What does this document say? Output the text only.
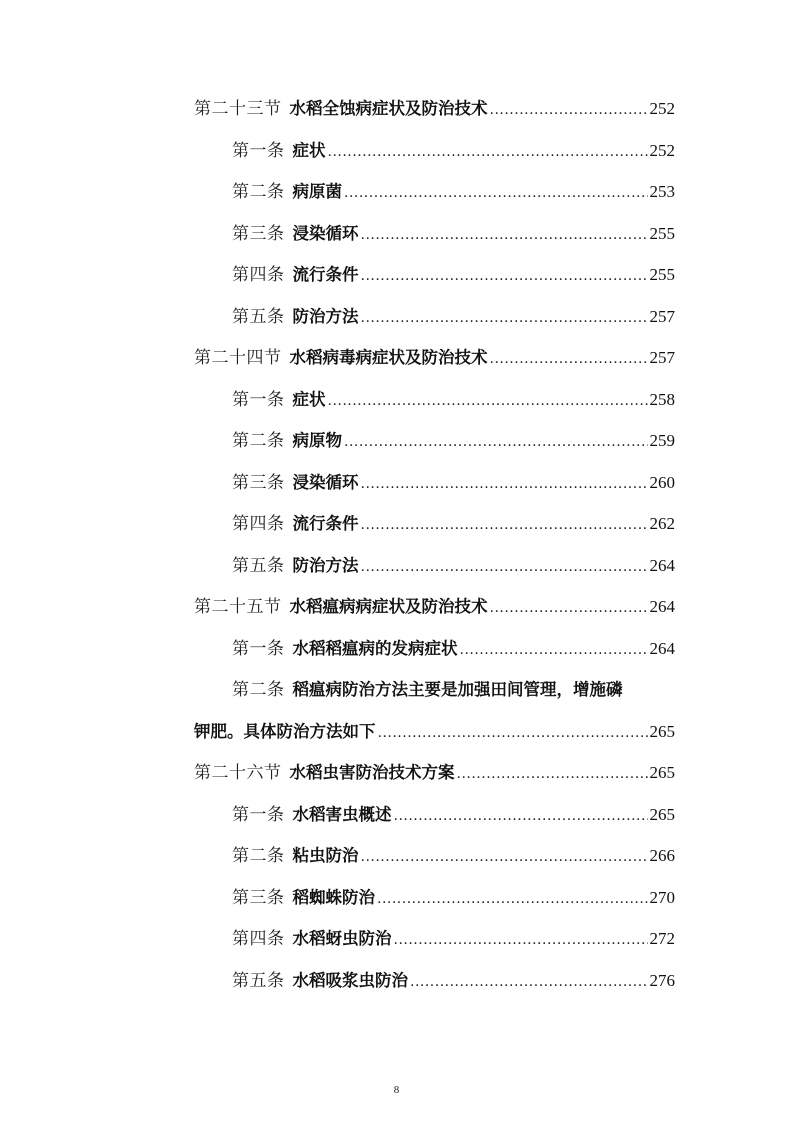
第二十三节 水稻全蚀病症状及防治技术 .....	252
第一条 症状 .....	252
第二条 病原菌 .....	253
第三条 浸染循环 .....	255
第四条 流行条件 .....	255
第五条 防治方法 .....	257
第二十四节 水稻病毒病症状及防治技术 .....	257
第一条 症状 .....	258
第二条 病原物 .....	259
第三条 浸染循环 .....	260
第四条 流行条件 .....	262
第五条 防治方法 .....	264
第二十五节 水稻瘟病病症状及防治技术 .....	264
第一条 水稻稻瘟病的发病症状 .....	264
第二条 稻瘟病防治方法主要是加强田间管理，增施磷
钾肥。具体防治方法如下 .....	265
第二十六节 水稻虫害防治技术方案 .....	265
第一条 水稻害虫概述 .....	265
第二条 粘虫防治 .....	266
第三条 稻蜘蛛防治 .....	270
第四条 水稻蚜虫防治 .....	272
第五条 水稻吸浆虫防治 .....	276
8
